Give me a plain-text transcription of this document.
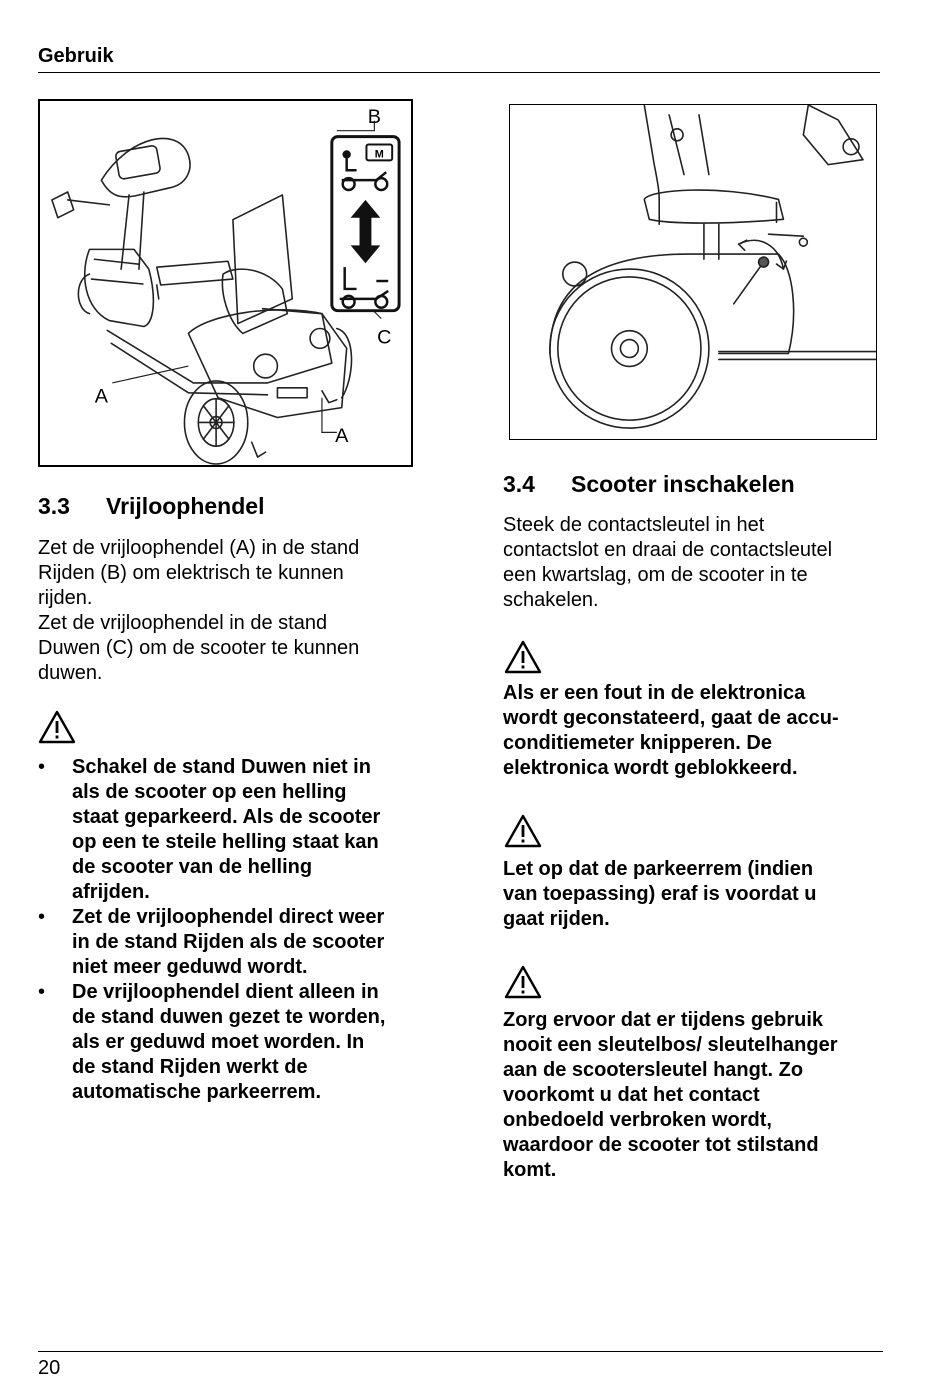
Gebruik
M
B
C
A
A
3.3 Vrijloophendel

Zet de vrijloophendel (A) in de stand
Rijden (B) om elektrisch te kunnen
rijden.
Zet de vrijloophendel in de stand
Duwen (C) om de scooter te kunnen
duwen.

• Schakel de stand Duwen niet in
als de scooter op een helling
staat geparkeerd. Als de scooter
op een te steile helling staat kan
de scooter van de helling
afrijden.
• Zet de vrijloophendel direct weer
in de stand Rijden als de scooter
niet meer geduwd wordt.
• De vrijloophendel dient alleen in
de stand duwen gezet te worden,
als er geduwd moet worden. In
de stand Rijden werkt de
automatische parkeerrem.
3.4 Scooter inschakelen

Steek de contactsleutel in het
contactslot en draai de contactsleutel
een kwartslag, om de scooter in te
schakelen.

Als er een fout in de elektronica
wordt geconstateerd, gaat de accu-
conditiemeter knipperen. De
elektronica wordt geblokkeerd.

Let op dat de parkeerrem (indien
van toepassing) eraf is voordat u
gaat rijden.

Zorg ervoor dat er tijdens gebruik
nooit een sleutelbos/ sleutelhanger
aan de scootersleutel hangt. Zo
voorkomt u dat het contact
onbedoeld verbroken wordt,
waardoor de scooter tot stilstand
komt.

20
